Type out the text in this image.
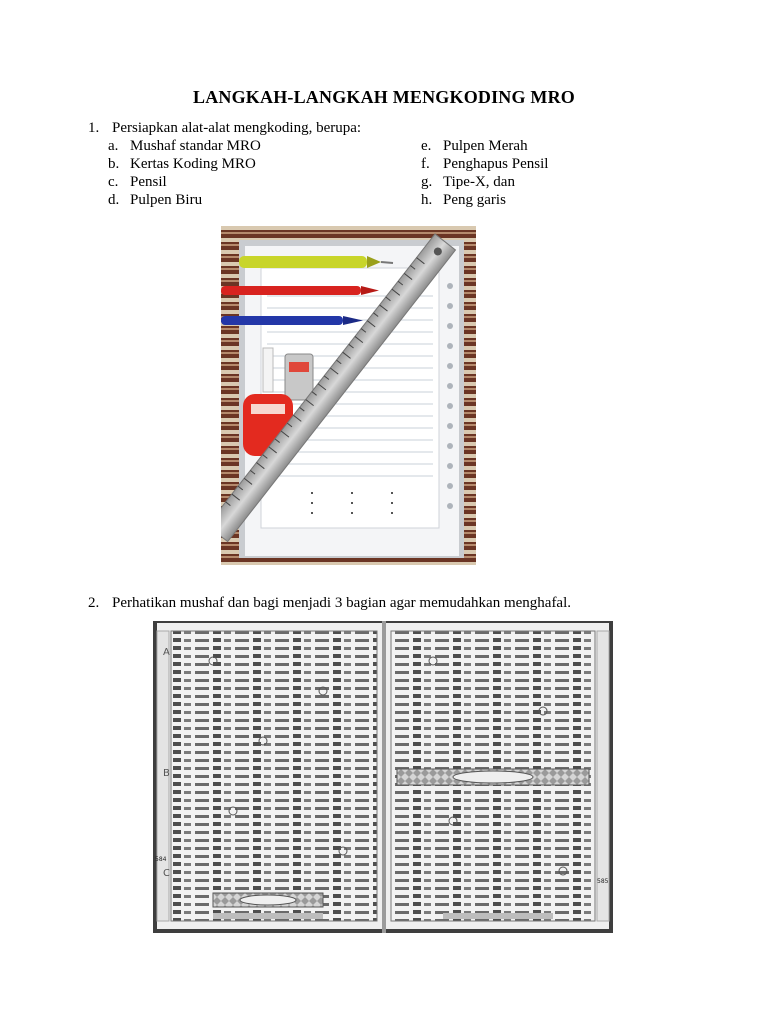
LANGKAH-LANGKAH MENGKODING MRO
1. Persiapkan alat-alat mengkoding, berupa:
a. Mushaf standar MRO
b. Kertas Koding MRO
c. Pensil
d. Pulpen Biru
e. Pulpen Merah
f. Penghapus Pensil
g. Tipe-X, dan
h. Peng garis
2. Perhatikan mushaf dan bagi menjadi 3 bagian agar memudahkan menghafal.
A
B
C
584
585
